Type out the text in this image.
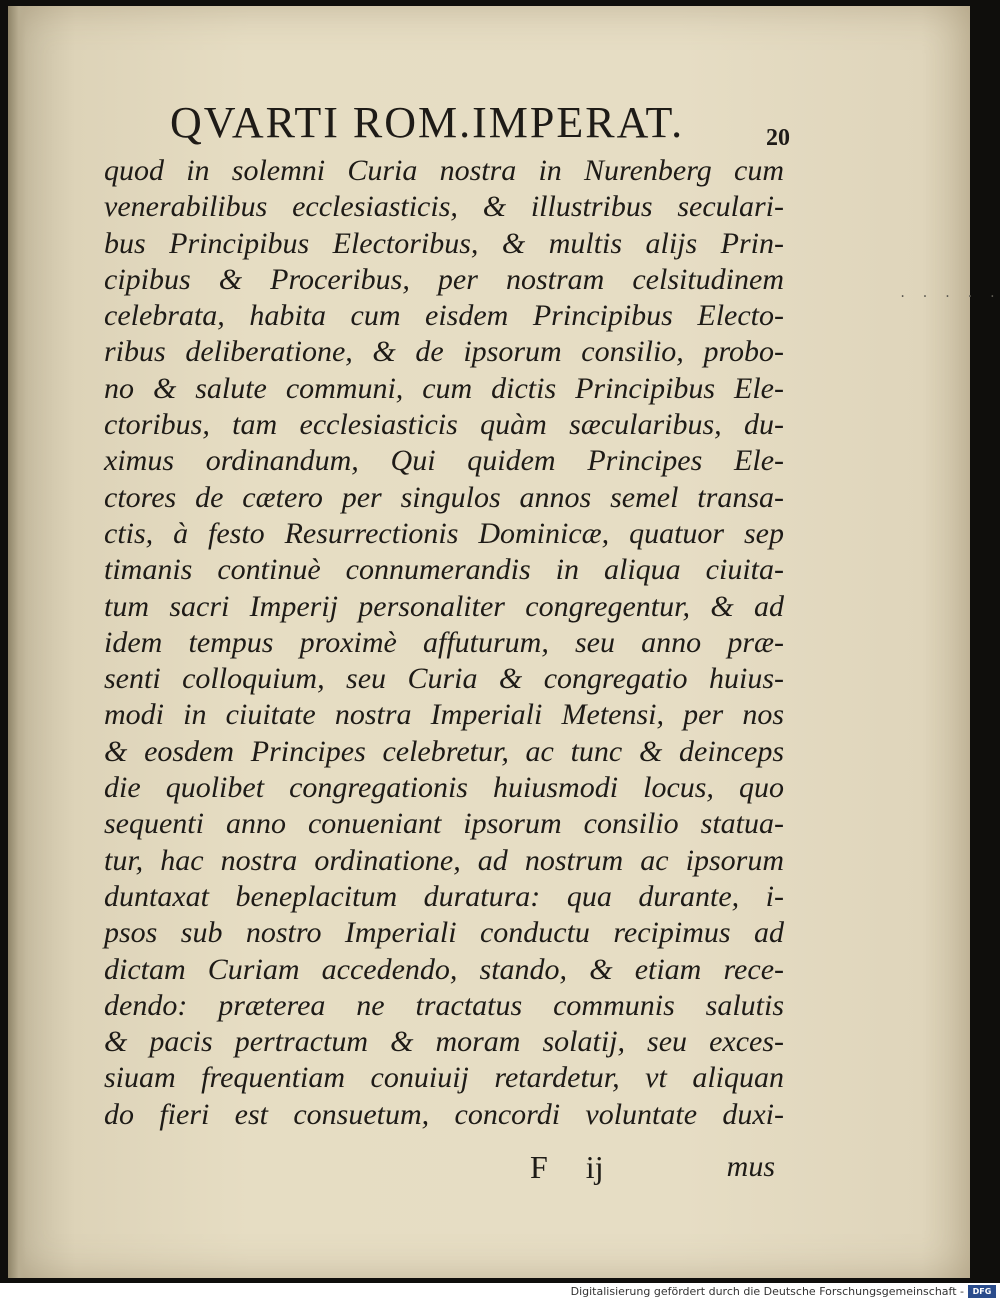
QVARTI ROM.IMPERAT.	20
quod in solemni Curia nostra in Nurenberg cum
venerabilibus ecclesiasticis, & illustribus seculari-
bus Principibus Electoribus, & multis alijs Prin-
cipibus & Proceribus, per nostram celsitudinem
celebrata, habita cum eisdem Principibus Electo-
ribus deliberatione, & de ipsorum consilio, probo-
no & salute communi, cum dictis Principibus Ele-
ctoribus, tam ecclesiasticis quàm sæcularibus, du-
ximus ordinandum, Qui quidem Principes Ele-
ctores de cætero per singulos annos semel transa-
ctis, à festo Resurrectionis Dominicæ, quatuor sep
timanis continuè connumerandis in aliqua ciuita-
tum sacri Imperij personaliter congregentur, & ad
idem tempus proximè affuturum, seu anno præ-
senti colloquium, seu Curia & congregatio huius-
modi in ciuitate nostra Imperiali Metensi, per nos
& eosdem Principes celebretur, ac tunc & deinceps
die quolibet congregationis huiusmodi locus, quo
sequenti anno conueniant ipsorum consilio statua-
tur, hac nostra ordinatione, ad nostrum ac ipsorum
duntaxat beneplacitum duratura: qua durante, i-
psos sub nostro Imperiali conductu recipimus ad
dictam Curiam accedendo, stando, & etiam rece-
dendo: præterea ne tractatus communis salutis
& pacis pertractum & moram solatij, seu exces-
siuam frequentiam conuiuij retardetur, vt aliquan
do fieri est consuetum, concordi voluntate duxi-
F ij	mus
. . . . .
Digitalisierung gefördert durch die Deutsche Forschungsgemeinschaft -	DFG
